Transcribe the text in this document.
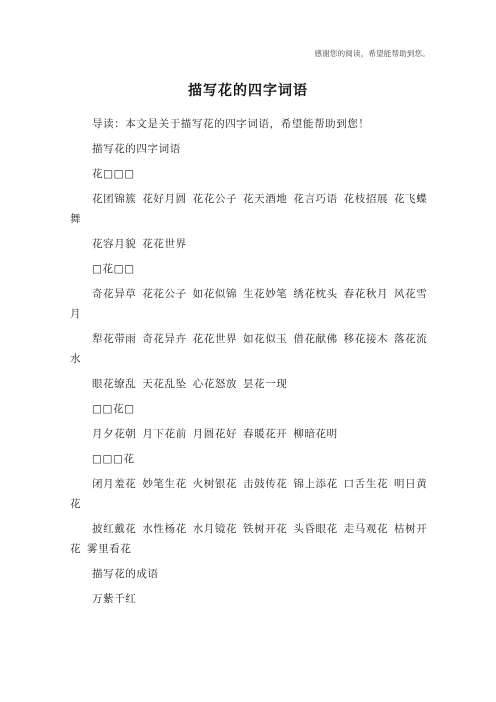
感谢您的阅读，希望能帮助到您。
描写花的四字词语

导读：本文是关于描写花的四字词语，希望能帮助到您！

描写花的四字词语

花□□□

花团锦簇 花好月圆 花花公子 花天酒地 花言巧语 花枝招展 花飞蝶舞

花容月貌 花花世界

□花□□

奇花异草 花花公子 如花似锦 生花妙笔 绣花枕头 春花秋月 风花雪月

犁花带雨 奇花异卉 花花世界 如花似玉 借花献佛 移花接木 落花流水

眼花缭乱 天花乱坠 心花怒放 昙花一现

□□花□

月夕花朝 月下花前 月圆花好 春暖花开 柳暗花明

□□□花

闭月羞花 妙笔生花 火树银花 击鼓传花 锦上添花 口舌生花 明日黄花

披红戴花 水性杨花 水月镜花 铁树开花 头昏眼花 走马观花 枯树开花 雾里看花

描写花的成语

万紫千红
